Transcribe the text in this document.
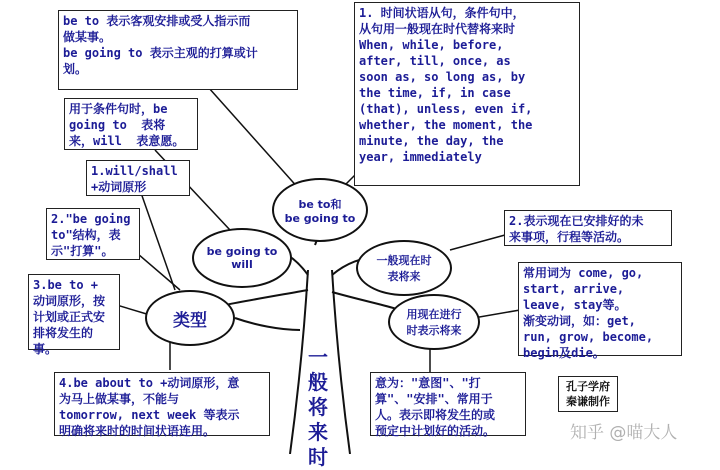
be to 表示客观安排或受人指示而
做某事。
be going to 表示主观的打算或计
划。
1. 时间状语从句，条件句中，
从句用一般现在时代替将来时
When, while, before,
after, till, once, as
soon as, so long as, by
the time, if, in case
(that), unless, even if,
whether, the moment, the
minute, the day, the
year, immediately
用于条件句时，be
going to  表将
来，will  表意愿。
1.will/shall
+动词原形
2."be going
to"结构，表
示"打算"。
3.be to +
动词原形，按
计划或正式安
排将发生的
事。
4.be about to +动词原形，意
为马上做某事，不能与
tomorrow, next week 等表示
明确将来时的时间状语连用。
2.表示现在已安排好的未
来事项，行程等活动。
常用词为 come, go,
start, arrive,
leave, stay等。
渐变动词，如：get,
run, grow, become,
begin及die。
意为："意图"、"打
算"、"安排"、常用于
人。表示即将发生的或
预定中计划好的活动。
be to和
be going to
be going to
will	一般现在时
表将来
用现在进行
时表示将来
类型
一
般
将
来
时
孔子学府
秦谦制作
知乎 @喵大人
